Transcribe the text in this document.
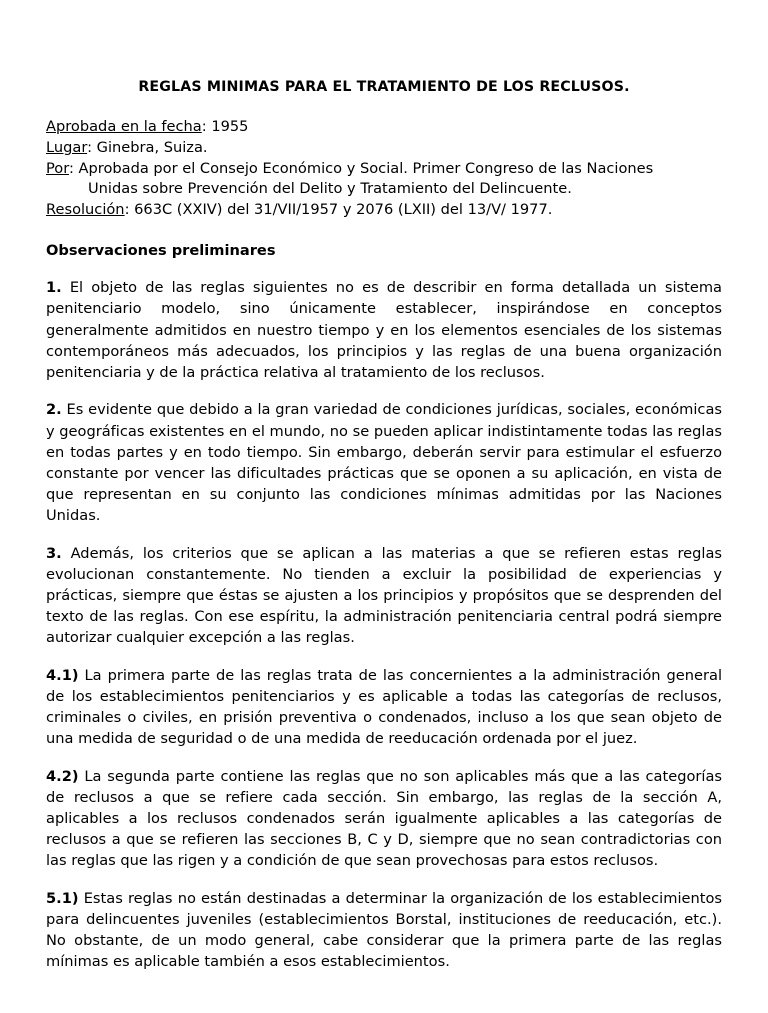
REGLAS MINIMAS PARA EL TRATAMIENTO DE LOS RECLUSOS.

Aprobada en la fecha: 1955

Lugar: Ginebra, Suiza.

Por: Aprobada por el Consejo Económico y Social. Primer Congreso de las Naciones

Unidas sobre Prevención del Delito y Tratamiento del Delincuente.

Resolución: 663C (XXIV) del 31/VII/1957 y 2076 (LXII) del 13/V/ 1977.

Observaciones preliminares

1. El objeto de las reglas siguientes no es de describir en forma detallada un sistema penitenciario modelo, sino únicamente establecer, inspirándose en conceptos generalmente admitidos en nuestro tiempo y en los elementos esenciales de los sistemas contemporáneos más adecuados, los principios y las reglas de una buena organización penitenciaria y de la práctica relativa al tratamiento de los reclusos.

2. Es evidente que debido a la gran variedad de condiciones jurídicas, sociales, económicas y geográficas existentes en el mundo, no se pueden aplicar indistintamente todas las reglas en todas partes y en todo tiempo. Sin embargo, deberán servir para estimular el esfuerzo constante por vencer las dificultades prácticas que se oponen a su aplicación, en vista de que representan en su conjunto las condiciones mínimas admitidas por las Naciones Unidas.

3. Además, los criterios que se aplican a las materias a que se refieren estas reglas evolucionan constantemente. No tienden a excluir la posibilidad de experiencias y prácticas, siempre que éstas se ajusten a los principios y propósitos que se desprenden del texto de las reglas. Con ese espíritu, la administración penitenciaria central podrá siempre autorizar cualquier excepción a las reglas.

4.1) La primera parte de las reglas trata de las concernientes a la administración general de los establecimientos penitenciarios y es aplicable a todas las categorías de reclusos, criminales o civiles, en prisión preventiva o condenados, incluso a los que sean objeto de una medida de seguridad o de una medida de reeducación ordenada por el juez.

4.2) La segunda parte contiene las reglas que no son aplicables más que a las categorías de reclusos a que se refiere cada sección. Sin embargo, las reglas de la sección A, aplicables a los reclusos condenados serán igualmente aplicables a las categorías de reclusos a que se refieren las secciones B, C y D, siempre que no sean contradictorias con las reglas que las rigen y a condición de que sean provechosas para estos reclusos.

5.1) Estas reglas no están destinadas a determinar la organización de los establecimientos para delincuentes juveniles (establecimientos Borstal, instituciones de reeducación, etc.). No obstante, de un modo general, cabe considerar que la primera parte de las reglas mínimas es aplicable también a esos establecimientos.
